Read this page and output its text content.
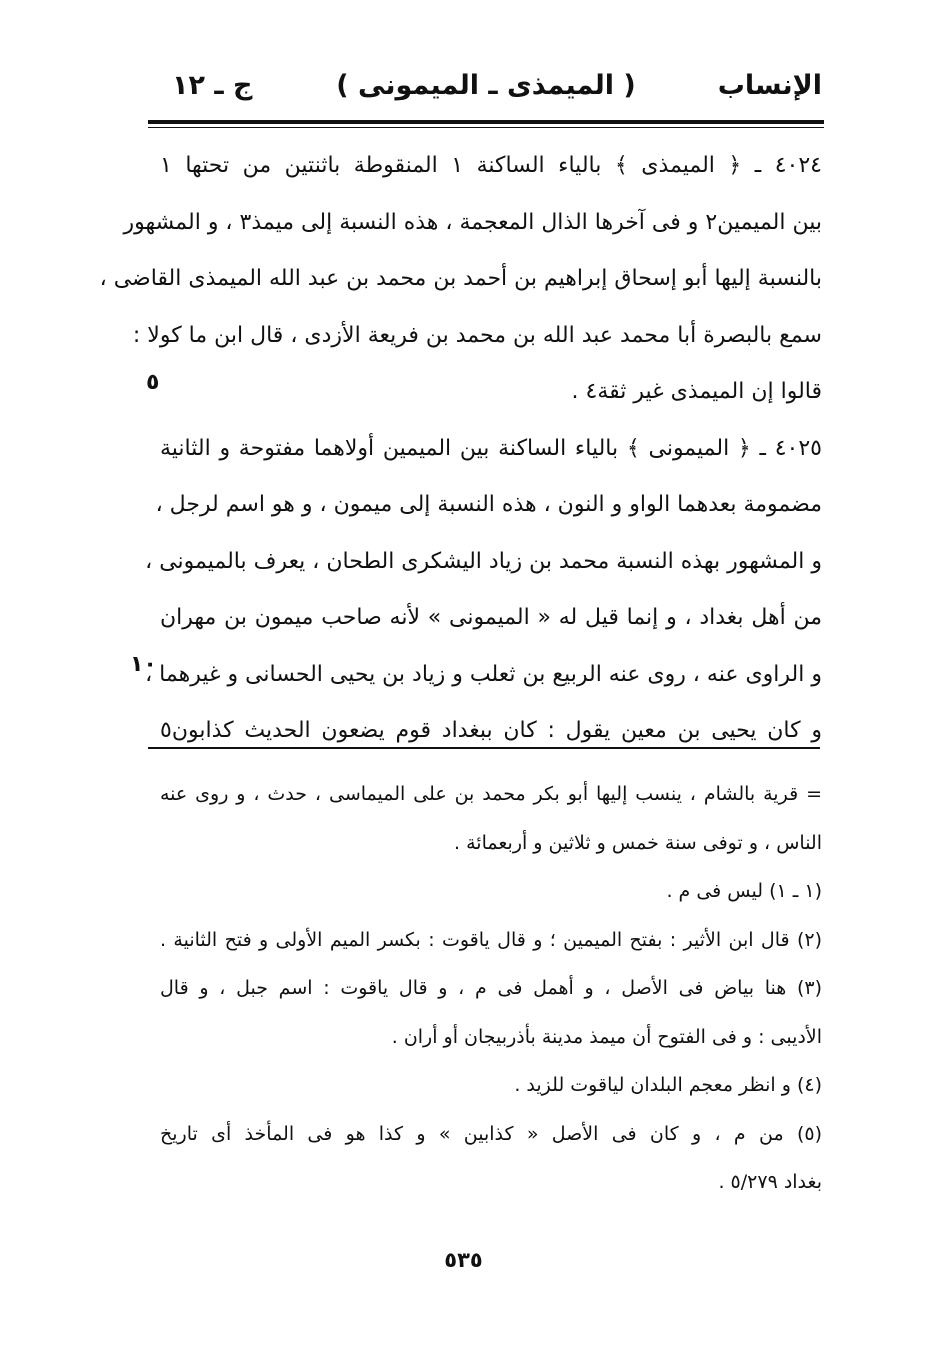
الإنساب
( الميمذى ـ الميمونى )
ج ـ ١٢
٤٠٢٤ ـ ﴿ الميمذى ﴾ بالياء الساكنة ١ المنقوطة باثنتين من تحتها ١
بين الميمين٢ و فى آخرها الذال المعجمة ، هذه النسبة إلى ميمذ٣ ، و المشهور
بالنسبة إليها أبو إسحاق إبراهيم بن أحمد بن محمد بن عبد الله الميمذى القاضى ،
سمع بالبصرة أبا محمد عبد الله بن محمد بن فريعة الأزدى ، قال ابن ما كولا :
قالوا إن الميمذى غير ثقة٤ .
٤٠٢٥ ـ ﴿ الميمونى ﴾ بالياء الساكنة بين الميمين أولاهما مفتوحة و الثانية
مضمومة بعدهما الواو و النون ، هذه النسبة إلى ميمون ، و هو اسم لرجل ،
و المشهور بهذه النسبة محمد بن زياد اليشكرى الطحان ، يعرف بالميمونى ،
من أهل بغداد ، و إنما قيل له « الميمونى » لأنه صاحب ميمون بن مهران
و الراوى عنه ، روى عنه الربيع بن ثعلب و زياد بن يحيى الحسانى و غيرهما ،
و كان يحيى بن معين يقول : كان ببغداد قوم يضعون الحديث كذابون٥
٥
١٠
= قرية بالشام ، ينسب إليها أبو بكر محمد بن على الميماسى ، حدث ، و روى عنه
الناس ، و توفى سنة خمس و ثلاثين و أربعمائة .
(١ ـ ١) ليس فى م .
(٢) قال ابن الأثير : بفتح الميمين ؛ و قال ياقوت : بكسر الميم الأولى و فتح الثانية .
(٣) هنا بياض فى الأصل ، و أهمل فى م ، و قال ياقوت : اسم جبل ، و قال
الأديبى : و فى الفتوح أن ميمذ مدينة بأذربيجان أو أران .
(٤) و انظر معجم البلدان لياقوت للزيد .
(٥) من م ، و كان فى الأصل « كذابين » و كذا هو فى المأخذ أى تاريخ
بغداد ٥/٢٧٩ .
٥٣٥
